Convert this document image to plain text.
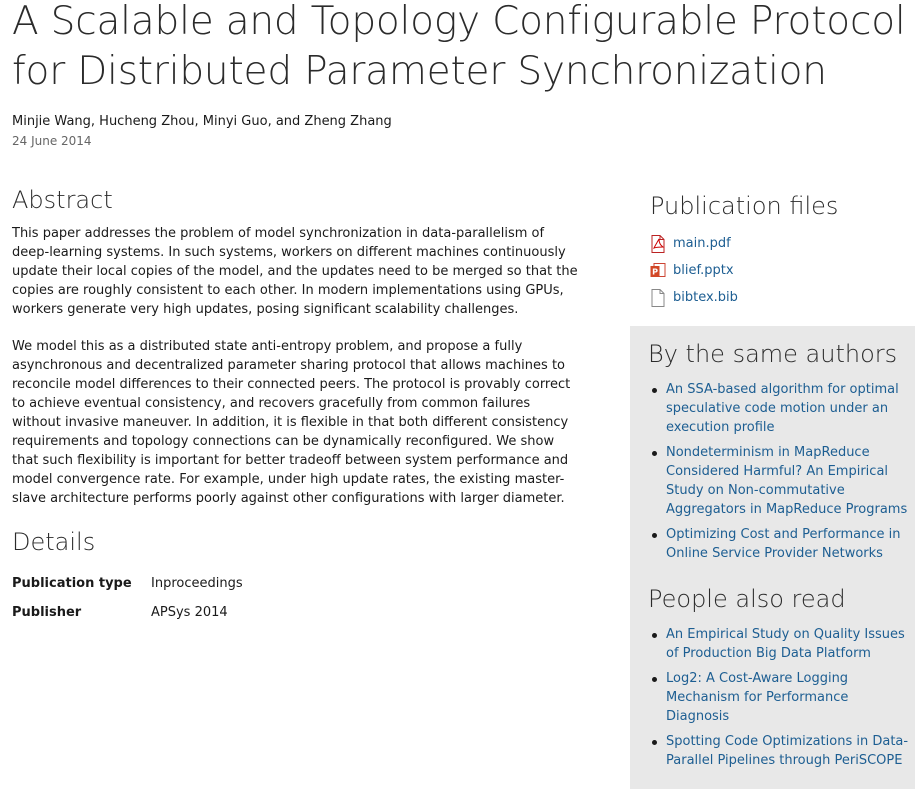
A Scalable and Topology Configurable Protocol for Distributed Parameter Synchronization
Minjie Wang, Hucheng Zhou, Minyi Guo, and Zheng Zhang
24 June 2014
Abstract

This paper addresses the problem of model synchronization in data-parallelism of deep-learning systems. In such systems, workers on different machines continuously update their local copies of the model, and the updates need to be merged so that the copies are roughly consistent to each other. In modern implementations using GPUs, workers generate very high updates, posing significant scalability challenges.

We model this as a distributed state anti-entropy problem, and propose a fully asynchronous and decentralized parameter sharing protocol that allows machines to reconcile model differences to their connected peers. The protocol is provably correct to achieve eventual consistency, and recovers gracefully from common failures without invasive maneuver. In addition, it is flexible in that both different consistency requirements and topology connections can be dynamically reconfigured. We show that such flexibility is important for better tradeoff between system performance and model convergence rate. For example, under high update rates, the existing master-slave architecture performs poorly against other configurations with larger diameter.

Details
Publication type	Inproceedings
Publisher	APSys 2014
Publication files
main.pdf
P blief.pptx
bibtex.bib
By the same authors
An SSA-based algorithm for optimal speculative code motion under an execution profile
Nondeterminism in MapReduce Considered Harmful? An Empirical Study on Non-commutative Aggregators in MapReduce Programs
Optimizing Cost and Performance in Online Service Provider Networks
People also read
An Empirical Study on Quality Issues of Production Big Data Platform
Log2: A Cost-Aware Logging Mechanism for Performance Diagnosis
Spotting Code Optimizations in Data-Parallel Pipelines through PeriSCOPE
